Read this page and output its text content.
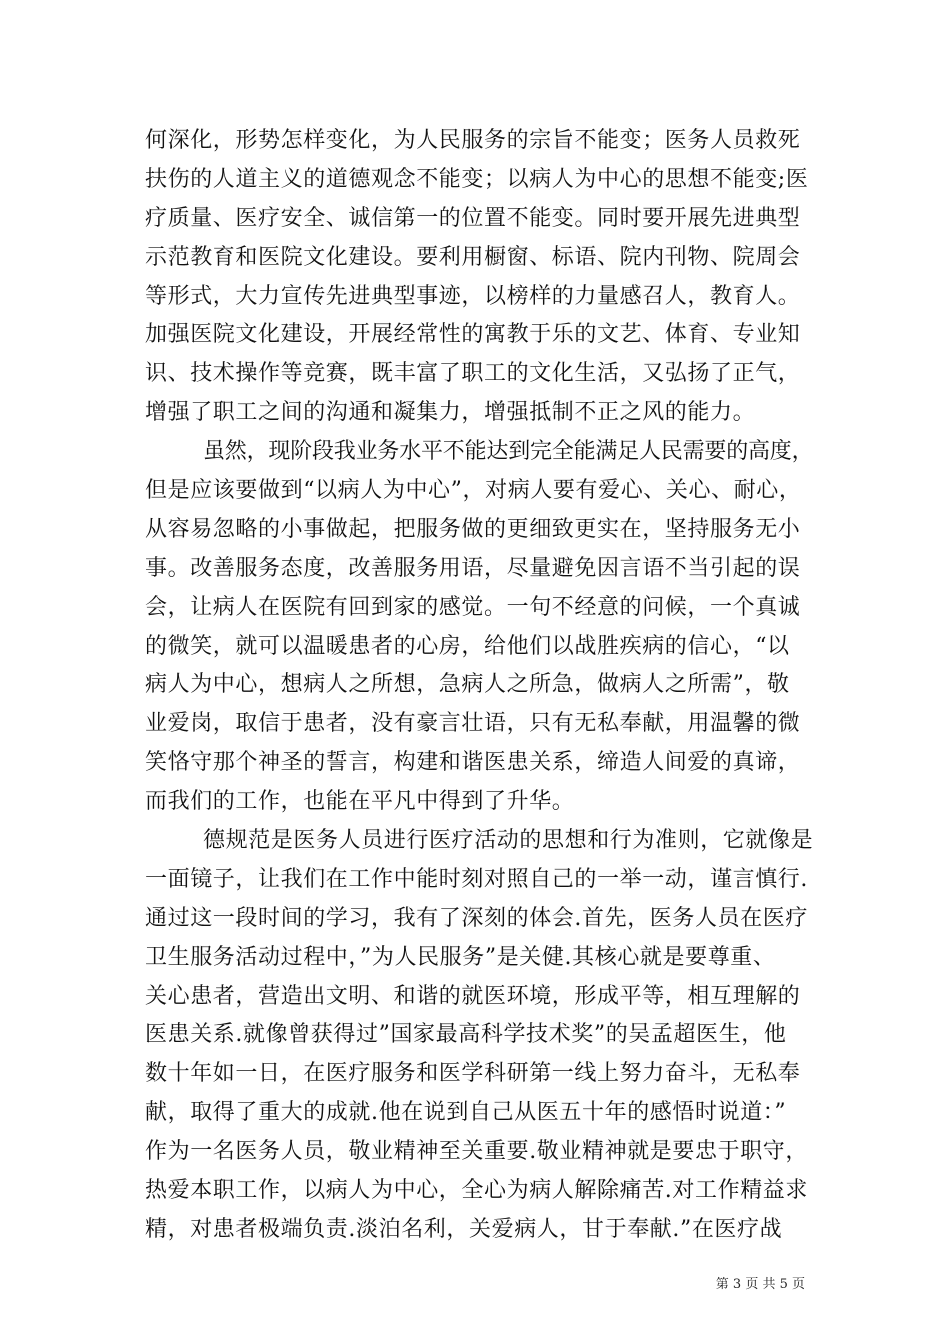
何深化，形势怎样变化，为人民服务的宗旨不能变；医务人员救死
扶伤的人道主义的道德观念不能变；以病人为中心的思想不能变;医
疗质量、医疗安全、诚信第一的位置不能变。同时要开展先进典型
示范教育和医院文化建设。要利用橱窗、标语、院内刊物、院周会
等形式，大力宣传先进典型事迹，以榜样的力量感召人，教育人。
加强医院文化建设，开展经常性的寓教于乐的文艺、体育、专业知
识、技术操作等竞赛，既丰富了职工的文化生活，又弘扬了正气，
增强了职工之间的沟通和凝集力，增强抵制不正之风的能力。
虽然，现阶段我业务水平不能达到完全能满足人民需要的高度，
但是应该要做到“以病人为中心”，对病人要有爱心、关心、耐心，
从容易忽略的小事做起，把服务做的更细致更实在，坚持服务无小
事。改善服务态度，改善服务用语，尽量避免因言语不当引起的误
会，让病人在医院有回到家的感觉。一句不经意的问候，一个真诚
的微笑，就可以温暖患者的心房，给他们以战胜疾病的信心，“以
病人为中心，想病人之所想，急病人之所急，做病人之所需”，敬
业爱岗，取信于患者，没有豪言壮语，只有无私奉献，用温馨的微
笑恪守那个神圣的誓言，构建和谐医患关系，缔造人间爱的真谛，
而我们的工作，也能在平凡中得到了升华。
德规范是医务人员进行医疗活动的思想和行为准则，它就像是
一面镜子，让我们在工作中能时刻对照自己的一举一动，谨言慎行.
通过这一段时间的学习，我有了深刻的体会.首先，医务人员在医疗
卫生服务活动过程中，”为人民服务”是关健.其核心就是要尊重、
关心患者，营造出文明、和谐的就医环境，形成平等，相互理解的
医患关系.就像曾获得过”国家最高科学技术奖”的吴孟超医生，他
数十年如一日，在医疗服务和医学科研第一线上努力奋斗，无私奉
献，取得了重大的成就.他在说到自己从医五十年的感悟时说道：”
作为一名医务人员，敬业精神至关重要.敬业精神就是要忠于职守，
热爱本职工作，以病人为中心，全心为病人解除痛苦.对工作精益求
精，对患者极端负责.淡泊名利，关爱病人，甘于奉献.”在医疗战
第 3 页 共 5 页
